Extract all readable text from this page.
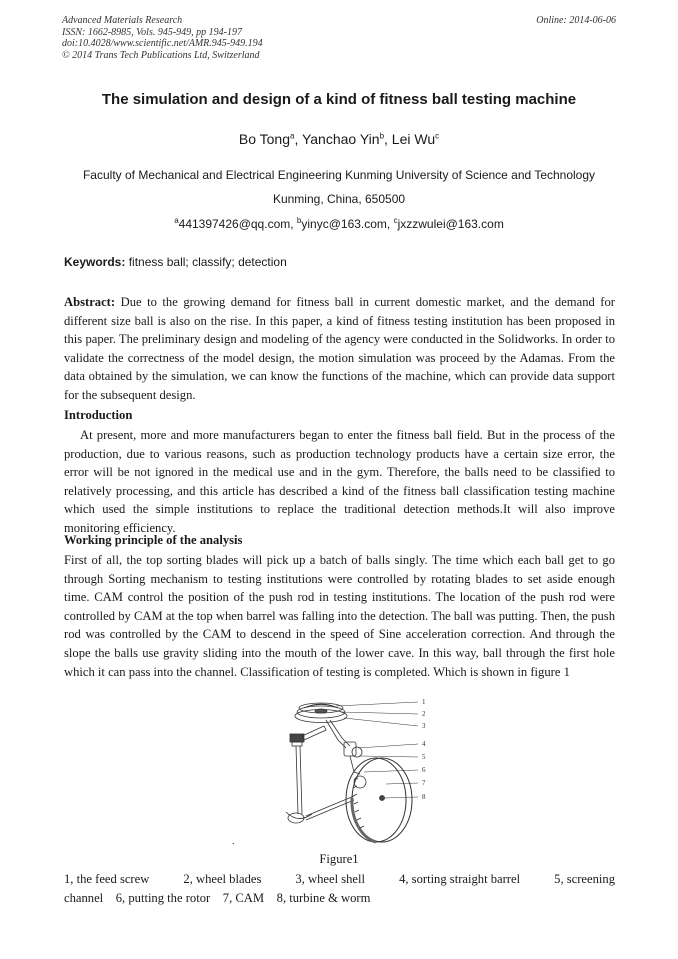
Advanced Materials Research
ISSN: 1662-8985, Vols. 945-949, pp 194-197
doi:10.4028/www.scientific.net/AMR.945-949.194
© 2014 Trans Tech Publications Ltd, Switzerland
Online: 2014-06-06
The simulation and design of a kind of fitness ball testing machine
Bo Tong$^a$, Yanchao Yin$^b$, Lei Wu$^c$
Faculty of Mechanical and Electrical Engineering Kunming University of Science and Technology
Kunming, China, 650500
$^a$441397426@qq.com, $^b$yinyc@163.com, $^c$jxzzwulei@163.com
Keywords: fitness ball; classify; detection
Abstract: Due to the growing demand for fitness ball in current domestic market, and the demand for different size ball is also on the rise. In this paper, a kind of fitness testing institution has been proposed in this paper. The preliminary design and modeling of the agency were conducted in the Solidworks. In order to validate the correctness of the model design, the motion simulation was proceed by the Adamas. From the data obtained by the simulation, we can know the functions of the machine, which can provide data support for the subsequent design.
Introduction
At present, more and more manufacturers began to enter the fitness ball field. But in the process of the production, due to various reasons, such as production technology products have a certain size error, the error will be not ignored in the medical use and in the gym. Therefore, the balls need to be classified to relatively processing, and this article has described a kind of the fitness ball classification testing machine which used the simple institutions to replace the traditional detection methods.It will also improve monitoring efficiency.
Working principle of the analysis
First of all, the top sorting blades will pick up a batch of balls singly. The time which each ball get to go through Sorting mechanism to testing institutions were controlled by rotating blades to set aside enough time. CAM control the position of the push rod in testing institutions. The location of the push rod were controlled by CAM at the top when barrel was falling into the detection. The ball was putting. Then, the push rod was controlled by the CAM to descend in the speed of Sine acceleration correction. And through the slope the balls use gravity sliding into the mouth of the lower cave. In this way, ball through the first hole which it can pass into the channel. Classification of testing is completed. Which is shown in figure 1
1
2
3
4
5
6
7
8
.
Figure1
1, the feed screw	2, wheel blades	3, wheel shell	4, sorting straight barrel	5, screening
channel    6, putting the rotor    7, CAM    8, turbine & worm
